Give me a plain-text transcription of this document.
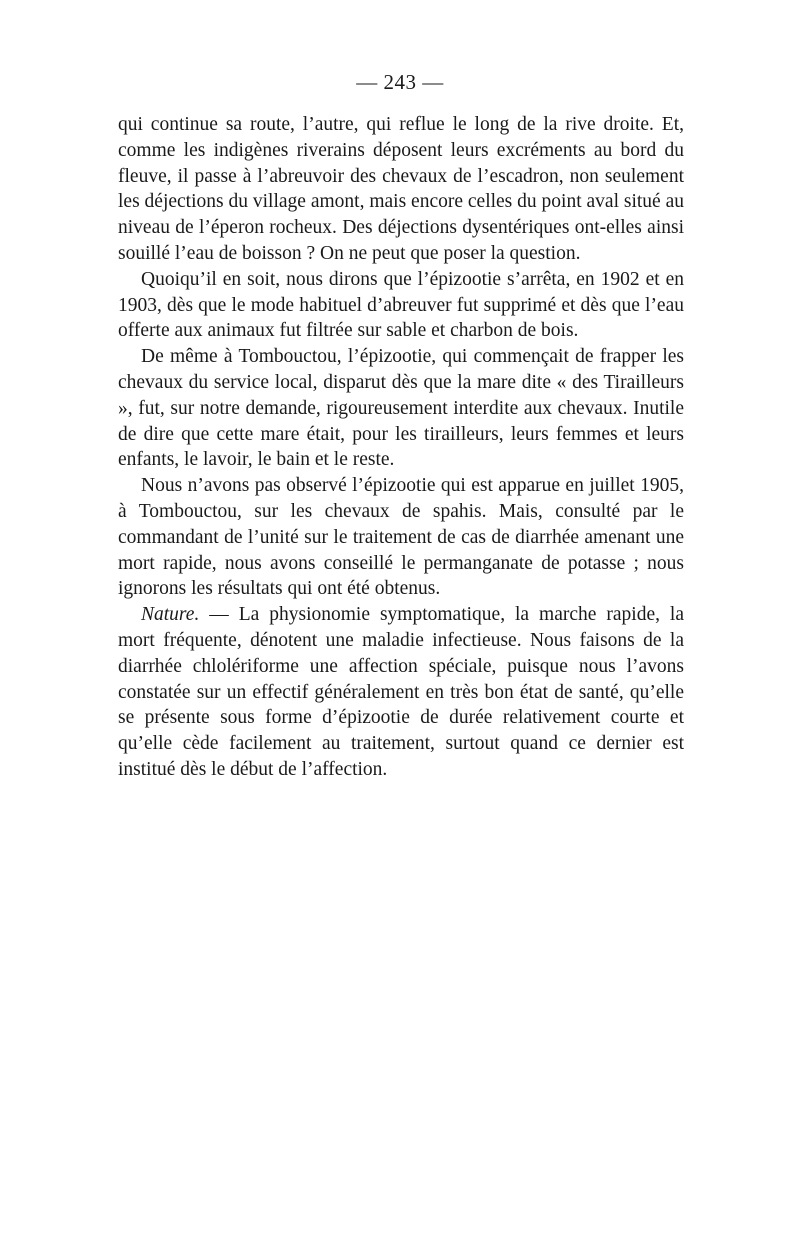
— 243 —

qui continue sa route, l’autre, qui reflue le long de la rive droite. Et, comme les indigènes riverains déposent leurs excréments au bord du fleuve, il passe à l’abreuvoir des chevaux de l’escadron, non seulement les déjections du village amont, mais encore celles du point aval situé au niveau de l’éperon rocheux. Des déjections dysentériques ont-elles ainsi souillé l’eau de boisson ? On ne peut que poser la question.

Quoiqu’il en soit, nous dirons que l’épizootie s’arrêta, en 1902 et en 1903, dès que le mode habituel d’abreuver fut supprimé et dès que l’eau offerte aux animaux fut filtrée sur sable et charbon de bois.

De même à Tombouctou, l’épizootie, qui commençait de frapper les chevaux du service local, disparut dès que la mare dite « des Tirailleurs », fut, sur notre demande, rigoureusement interdite aux chevaux. Inutile de dire que cette mare était, pour les tirailleurs, leurs femmes et leurs enfants, le lavoir, le bain et le reste.

Nous n’avons pas observé l’épizootie qui est apparue en juillet 1905, à Tombouctou, sur les chevaux de spahis. Mais, consulté par le commandant de l’unité sur le traitement de cas de diarrhée amenant une mort rapide, nous avons conseillé le permanganate de potasse ; nous ignorons les résultats qui ont été obtenus.

Nature. — La physionomie symptomatique, la marche rapide, la mort fréquente, dénotent une maladie infectieuse. Nous faisons de la diarrhée chlolériforme une affection spéciale, puisque nous l’avons constatée sur un effectif généralement en très bon état de santé, qu’elle se présente sous forme d’épizootie de durée relativement courte et qu’elle cède facilement au traitement, surtout quand ce dernier est institué dès le début de l’affection.
